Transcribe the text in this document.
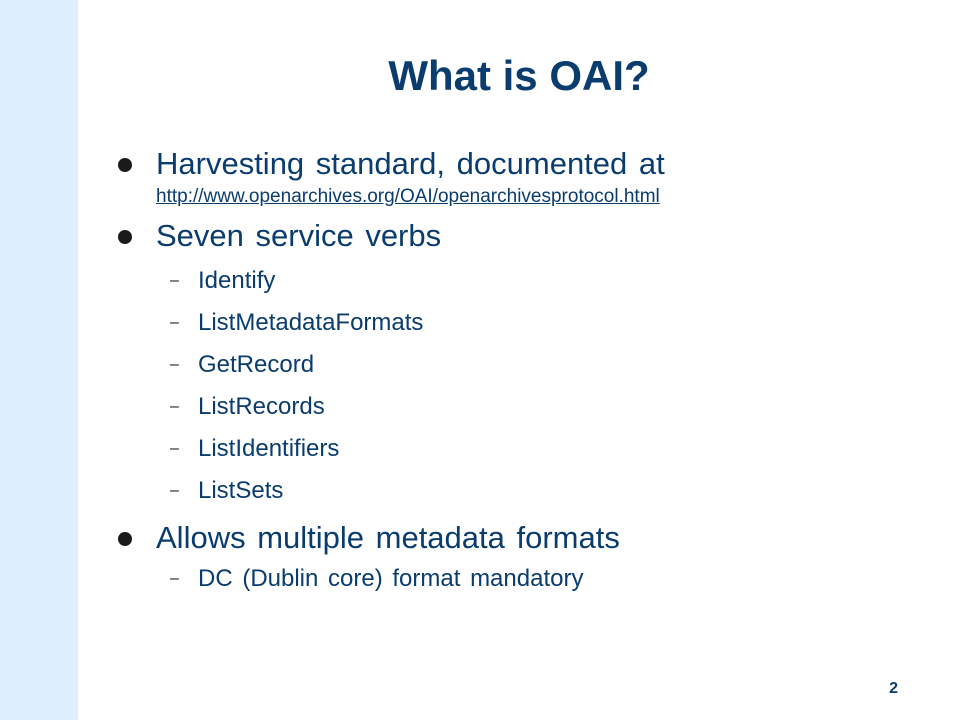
What is OAI?
Harvesting standard, documented at
http://www.openarchives.org/OAI/openarchivesprotocol.html
Seven service verbs
– Identify
– ListMetadataFormats
– GetRecord
– ListRecords
– ListIdentifiers
– ListSets
Allows multiple metadata formats
– DC (Dublin core) format mandatory
2
